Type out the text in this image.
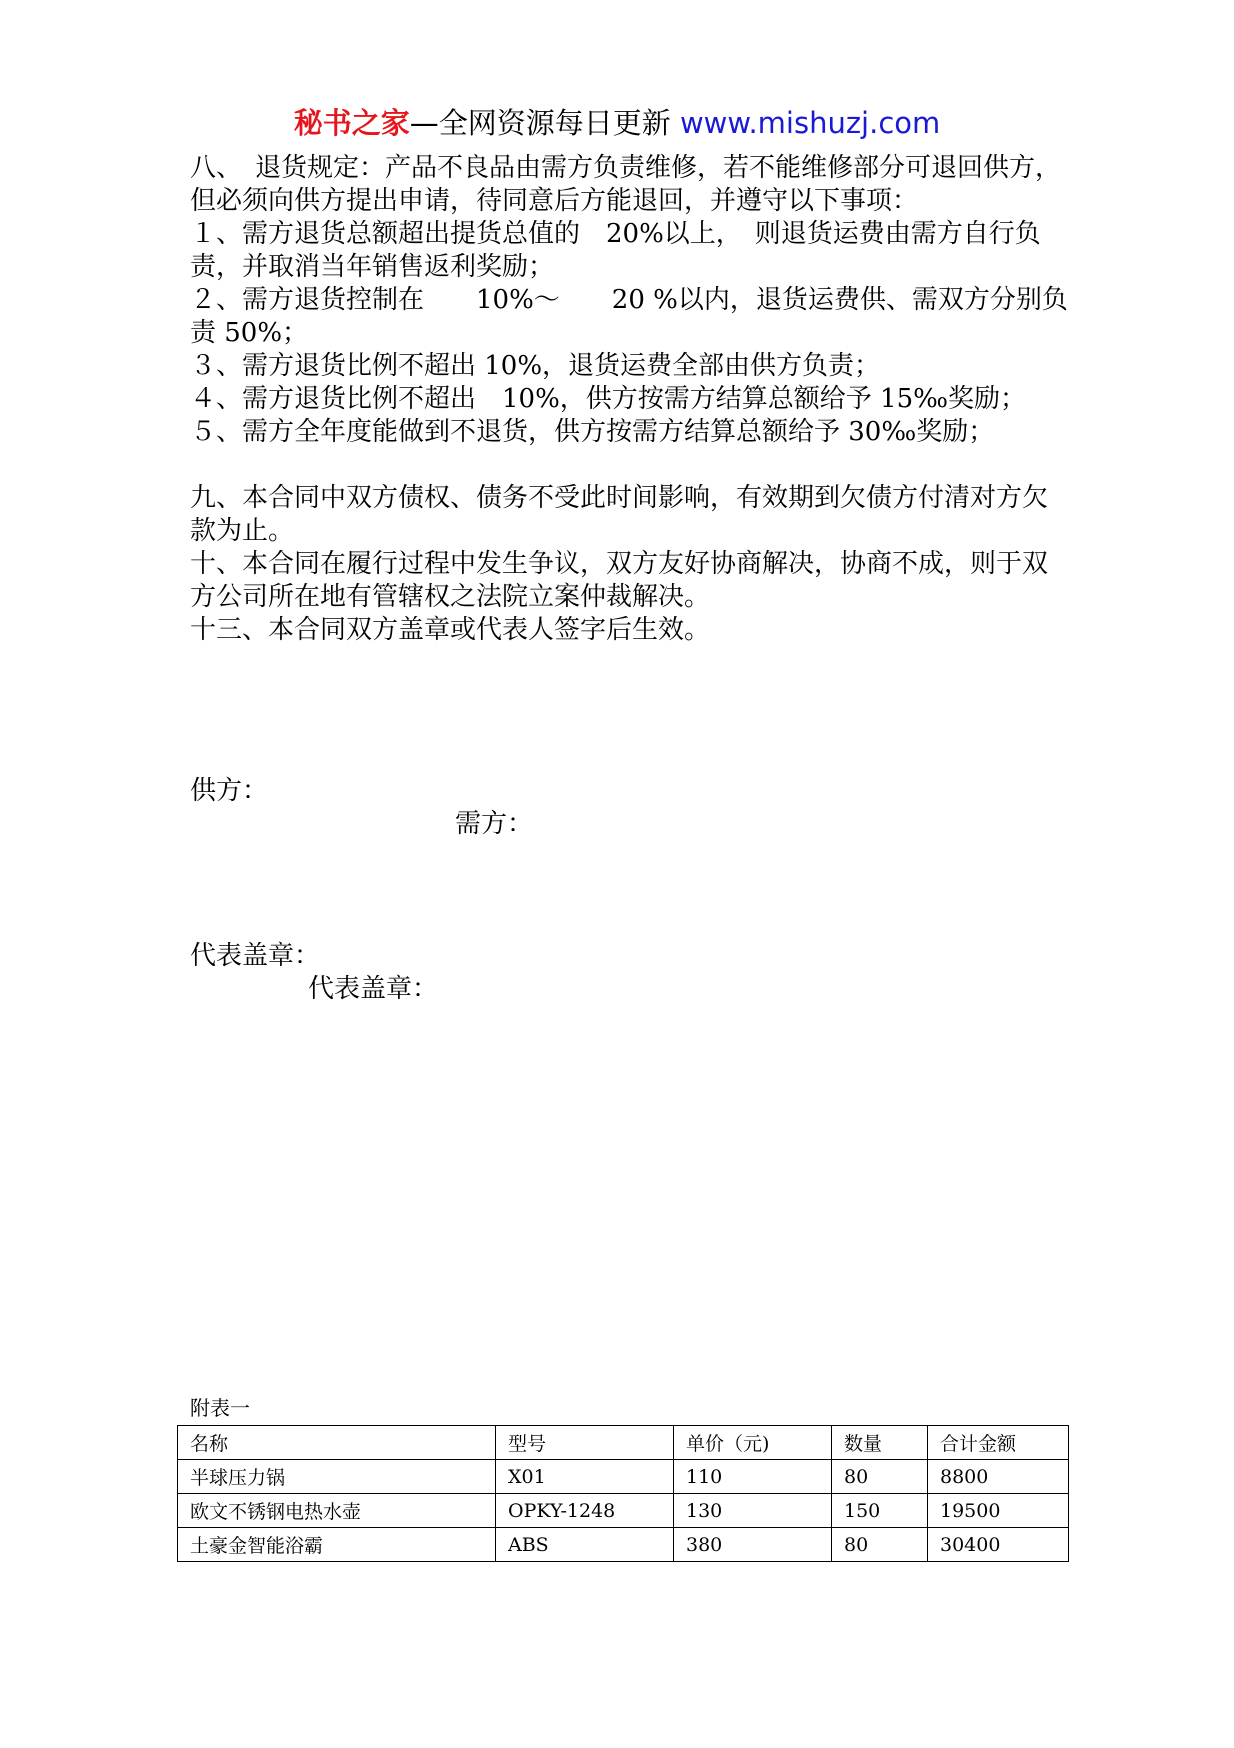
秘书之家—全网资源每日更新 www.mishuzj.com

八、　退货规定：产品不良品由需方负责维修，若不能维修部分可退回供方，但必须向供方提出申请，待同意后方能退回，并遵守以下事项：

１、需方退货总额超出提货总值的　20%以上，　则退货运费由需方自行负责，并取消当年销售返利奖励；

２、需方退货控制在　　10%～　　20 %以内，退货运费供、需双方分别负责 50%；

３、需方退货比例不超出 10%，退货运费全部由供方负责；

４、需方退货比例不超出　10%，供方按需方结算总额给予 15‰奖励；

５、需方全年度能做到不退货，供方按需方结算总额给予 30‰奖励；

九、本合同中双方债权、债务不受此时间影响，有效期到欠债方付清对方欠款为止。

十、本合同在履行过程中发生争议，双方友好协商解决，协商不成，则于双方公司所在地有管辖权之法院立案仲裁解决。

十三、本合同双方盖章或代表人签字后生效。

供方：
需方：
代表盖章：
代表盖章：
附表一
名称	型号	单价（元)	数量	合计金额
半球压力锅	X01	110	80	8800
欧文不锈钢电热水壶	OPKY-1248	130	150	19500
土豪金智能浴霸	ABS	380	80	30400
